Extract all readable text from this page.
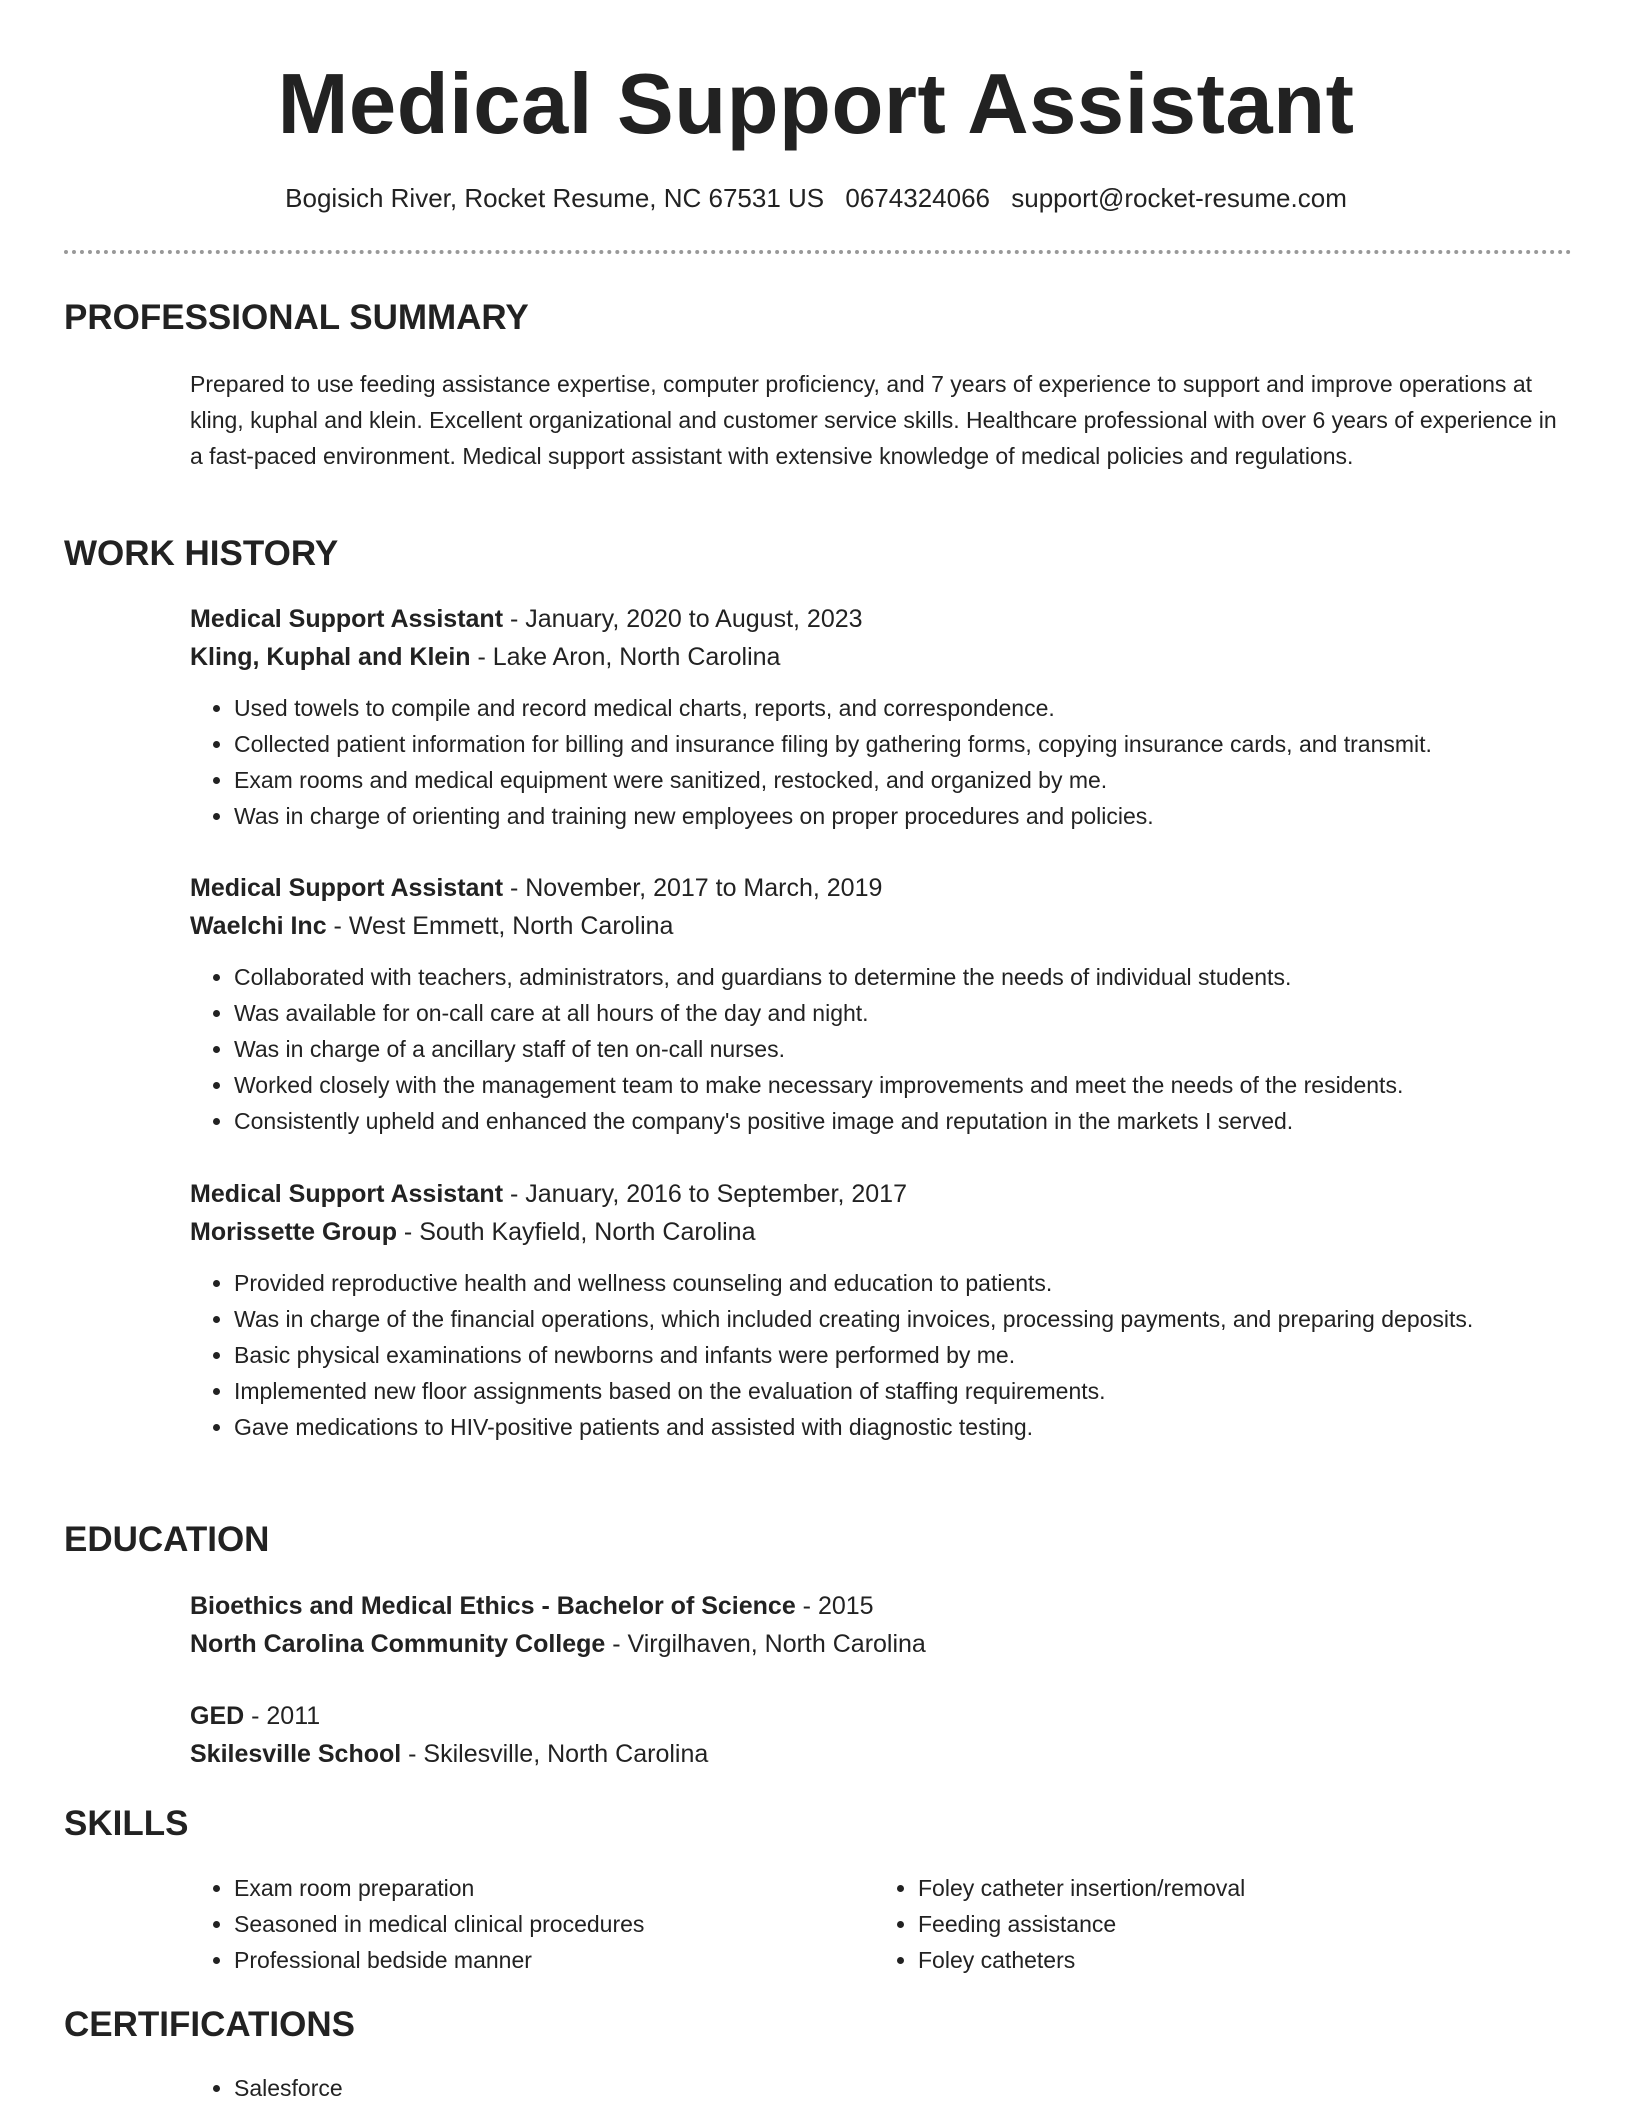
Medical Support Assistant
Bogisich River, Rocket Resume, NC 67531 US 0674324066 support@rocket-resume.com
PROFESSIONAL SUMMARY
Prepared to use feeding assistance expertise, computer proficiency, and 7 years of experience to support and improve operations at kling, kuphal and klein. Excellent organizational and customer service skills. Healthcare professional with over 6 years of experience in a fast-paced environment. Medical support assistant with extensive knowledge of medical policies and regulations.
WORK HISTORY
Medical Support Assistant - January, 2020 to August, 2023
Kling, Kuphal and Klein - Lake Aron, North Carolina
• Used towels to compile and record medical charts, reports, and correspondence.
• Collected patient information for billing and insurance filing by gathering forms, copying insurance cards, and transmit.
• Exam rooms and medical equipment were sanitized, restocked, and organized by me.
• Was in charge of orienting and training new employees on proper procedures and policies.
Medical Support Assistant - November, 2017 to March, 2019
Waelchi Inc - West Emmett, North Carolina
• Collaborated with teachers, administrators, and guardians to determine the needs of individual students.
• Was available for on-call care at all hours of the day and night.
• Was in charge of a ancillary staff of ten on-call nurses.
• Worked closely with the management team to make necessary improvements and meet the needs of the residents.
• Consistently upheld and enhanced the company's positive image and reputation in the markets I served.
Medical Support Assistant - January, 2016 to September, 2017
Morissette Group - South Kayfield, North Carolina
• Provided reproductive health and wellness counseling and education to patients.
• Was in charge of the financial operations, which included creating invoices, processing payments, and preparing deposits.
• Basic physical examinations of newborns and infants were performed by me.
• Implemented new floor assignments based on the evaluation of staffing requirements.
• Gave medications to HIV-positive patients and assisted with diagnostic testing.
EDUCATION
Bioethics and Medical Ethics - Bachelor of Science - 2015
North Carolina Community College - Virgilhaven, North Carolina
GED - 2011
Skilesville School - Skilesville, North Carolina
SKILLS
• Exam room preparation
• Seasoned in medical clinical procedures
• Professional bedside manner
• Foley catheter insertion/removal
• Feeding assistance
• Foley catheters
CERTIFICATIONS
• Salesforce
